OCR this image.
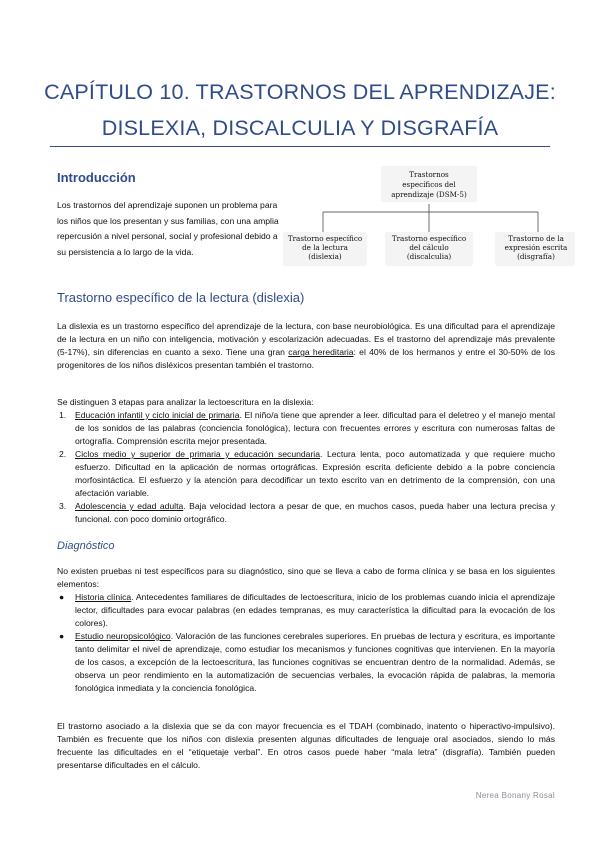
CAPÍTULO 10. TRASTORNOS DEL APRENDIZAJE:
DISLEXIA, DISCALCULIA Y DISGRAFÍA
Introducción
Los trastornos del aprendizaje suponen un problema para los niños que los presentan y sus familias, con una amplia repercusión a nivel personal, social y profesional debido a su persistencia a lo largo de la vida.
Trastornos
específicos del
aprendizaje (DSM-5)
Trastorno específico
de la lectura
(dislexia)
Trastorno específico
del cálculo
(discalculia)
Trastorno de la
expresión escrita
(disgrafía)
Trastorno específico de la lectura (dislexia)
La dislexia es un trastorno específico del aprendizaje de la lectura, con base neurobiológica. Es una dificultad para el aprendizaje de la lectura en un niño con inteligencia, motivación y escolarización adecuadas. Es el trastorno del aprendizaje más prevalente (5-17%), sin diferencias en cuanto a sexo. Tiene una gran carga hereditaria: el 40% de los hermanos y entre el 30-50% de los progenitores de los niños disléxicos presentan también el trastorno.
Se distinguen 3 etapas para analizar la lectoescritura en la dislexia:
1. Educación infantil y ciclo inicial de primaria. El niño/a tiene que aprender a leer. dificultad para el deletreo y el manejo mental de los sonidos de las palabras (conciencia fonológica), lectura con frecuentes errores y escritura con numerosas faltas de ortografía. Comprensión escrita mejor presentada.
2. Ciclos medio y superior de primaria y educación secundaria. Lectura lenta, poco automatizada y que requiere mucho esfuerzo. Dificultad en la aplicación de normas ortográficas. Expresión escrita deficiente debido a la pobre conciencia morfosintáctica. El esfuerzo y la atención para decodificar un texto escrito van en detrimento de la comprensión, con una afectación variable.
3. Adolescencia y edad adulta. Baja velocidad lectora a pesar de que, en muchos casos, pueda haber una lectura precisa y funcional. con poco dominio ortográfico.
Diagnóstico
No existen pruebas ni test específicos para su diagnóstico, sino que se lleva a cabo de forma clínica y se basa en los siguientes elementos:
● Historia clínica. Antecedentes familiares de dificultades de lectoescritura, inicio de los problemas cuando inicia el aprendizaje lector, dificultades para evocar palabras (en edades tempranas, es muy característica la dificultad para la evocación de los colores).
● Estudio neuropsicológico. Valoración de las funciones cerebrales superiores. En pruebas de lectura y escritura, es importante tanto delimitar el nivel de aprendizaje, como estudiar los mecanismos y funciones cognitivas que intervienen. En la mayoría de los casos, a excepción de la lectoescritura, las funciones cognitivas se encuentran dentro de la normalidad. Además, se observa un peor rendimiento en la automatización de secuencias verbales, la evocación rápida de palabras, la memoria fonológica inmediata y la conciencia fonológica.
El trastorno asociado a la dislexia que se da con mayor frecuencia es el TDAH (combinado, inatento o hiperactivo-impulsivo). También es frecuente que los niños con dislexia presenten algunas dificultades de lenguaje oral asociados, siendo lo más frecuente las dificultades en el “etiquetaje verbal”. En otros casos puede haber “mala letra” (disgrafía). También pueden presentarse dificultades en el cálculo.
Nerea Bonany Rosal
